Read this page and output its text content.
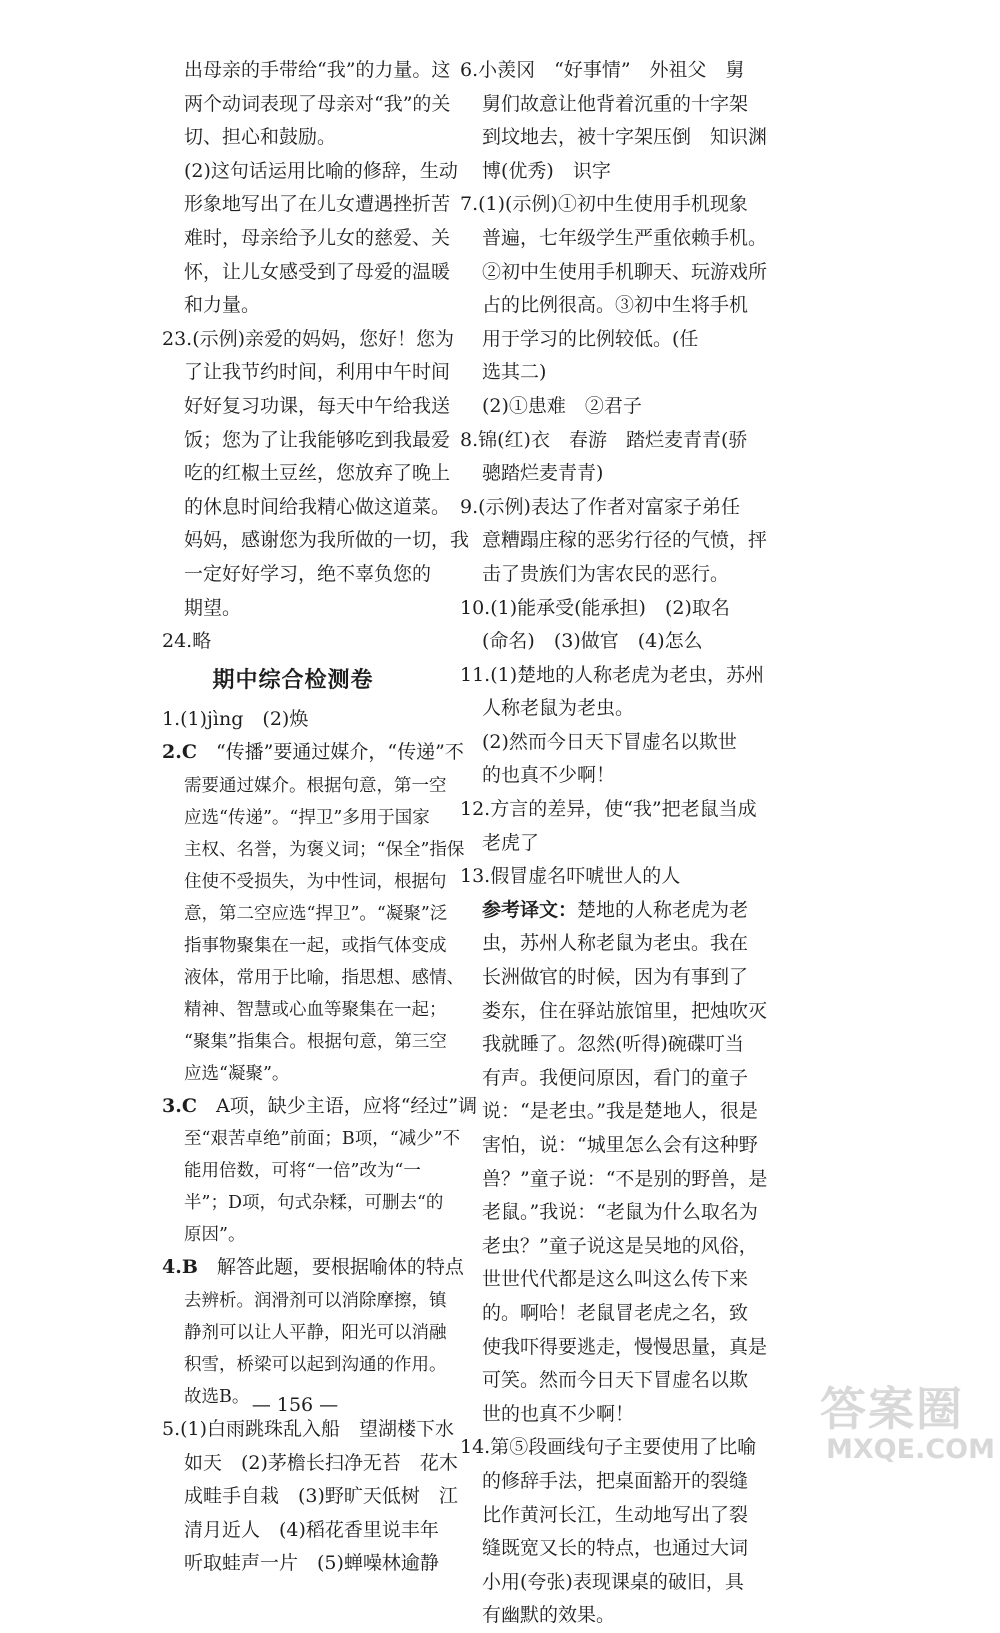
出母亲的手带给“我”的力量。这
两个动词表现了母亲对“我”的关
切、担心和鼓励。
(2)这句话运用比喻的修辞，生动
形象地写出了在儿女遭遇挫折苦
难时，母亲给予儿女的慈爱、关
怀，让儿女感受到了母爱的温暖
和力量。
23.(示例)亲爱的妈妈，您好！您为
了让我节约时间，利用中午时间
好好复习功课，每天中午给我送
饭；您为了让我能够吃到我最爱
吃的红椒土豆丝，您放弃了晚上
的休息时间给我精心做这道菜。
妈妈，感谢您为我所做的一切，我
一定好好学习，绝不辜负您的
期望。
24.略
期中综合检测卷
1.(1)jìng　(2)焕
2.C　“传播”要通过媒介，“传递”不
需要通过媒介。根据句意，第一空
应选“传递”。“捍卫”多用于国家
主权、名誉，为褒义词；“保全”指保
住使不受损失，为中性词，根据句
意，第二空应选“捍卫”。“凝聚”泛
指事物聚集在一起，或指气体变成
液体，常用于比喻，指思想、感情、
精神、智慧或心血等聚集在一起；
“聚集”指集合。根据句意，第三空
应选“凝聚”。
3.C　A项，缺少主语，应将“经过”调
至“艰苦卓绝”前面；B项，“减少”不
能用倍数，可将“一倍”改为“一
半”；D项，句式杂糅，可删去“的
原因”。
4.B　解答此题，要根据喻体的特点
去辨析。润滑剂可以消除摩擦，镇
静剂可以让人平静，阳光可以消融
积雪，桥梁可以起到沟通的作用。
故选B。
5.(1)白雨跳珠乱入船　望湖楼下水
如天　(2)茅檐长扫净无苔　花木
成畦手自栽　(3)野旷天低树　江
清月近人　(4)稻花香里说丰年
听取蛙声一片　(5)蝉噪林逾静
6.小羡冈　“好事情”　外祖父　舅
舅们故意让他背着沉重的十字架
到坟地去，被十字架压倒　知识渊
博(优秀)　识字
7.(1)(示例)①初中生使用手机现象
普遍，七年级学生严重依赖手机。
②初中生使用手机聊天、玩游戏所
占的比例很高。③初中生将手机
用于学习的比例较低。(任
选其二)
(2)①患难　②君子
8.锦(红)衣　春游　踏烂麦青青(骄
骢踏烂麦青青)
9.(示例)表达了作者对富家子弟任
意糟蹋庄稼的恶劣行径的气愤，抨
击了贵族们为害农民的恶行。
10.(1)能承受(能承担)　(2)取名
(命名)　(3)做官　(4)怎么
11.(1)楚地的人称老虎为老虫，苏州
人称老鼠为老虫。
(2)然而今日天下冒虚名以欺世
的也真不少啊！
12.方言的差异，使“我”把老鼠当成
老虎了
13.假冒虚名吓唬世人的人
参考译文：楚地的人称老虎为老
虫，苏州人称老鼠为老虫。我在
长洲做官的时候，因为有事到了
娄东，住在驿站旅馆里，把烛吹灭
我就睡了。忽然(听得)碗碟叮当
有声。我便问原因，看门的童子
说：“是老虫。”我是楚地人，很是
害怕，说：“城里怎么会有这种野
兽？”童子说：“不是别的野兽，是
老鼠。”我说：“老鼠为什么取名为
老虫？”童子说这是吴地的风俗，
世世代代都是这么叫这么传下来
的。啊哈！老鼠冒老虎之名，致
使我吓得要逃走，慢慢思量，真是
可笑。然而今日天下冒虚名以欺
世的也真不少啊！
14.第⑤段画线句子主要使用了比喻
的修辞手法，把桌面豁开的裂缝
比作黄河长江，生动地写出了裂
缝既宽又长的特点，也通过大词
小用(夸张)表现课桌的破旧，具
有幽默的效果。
— 156 —	答案圈
MXQE.COM
